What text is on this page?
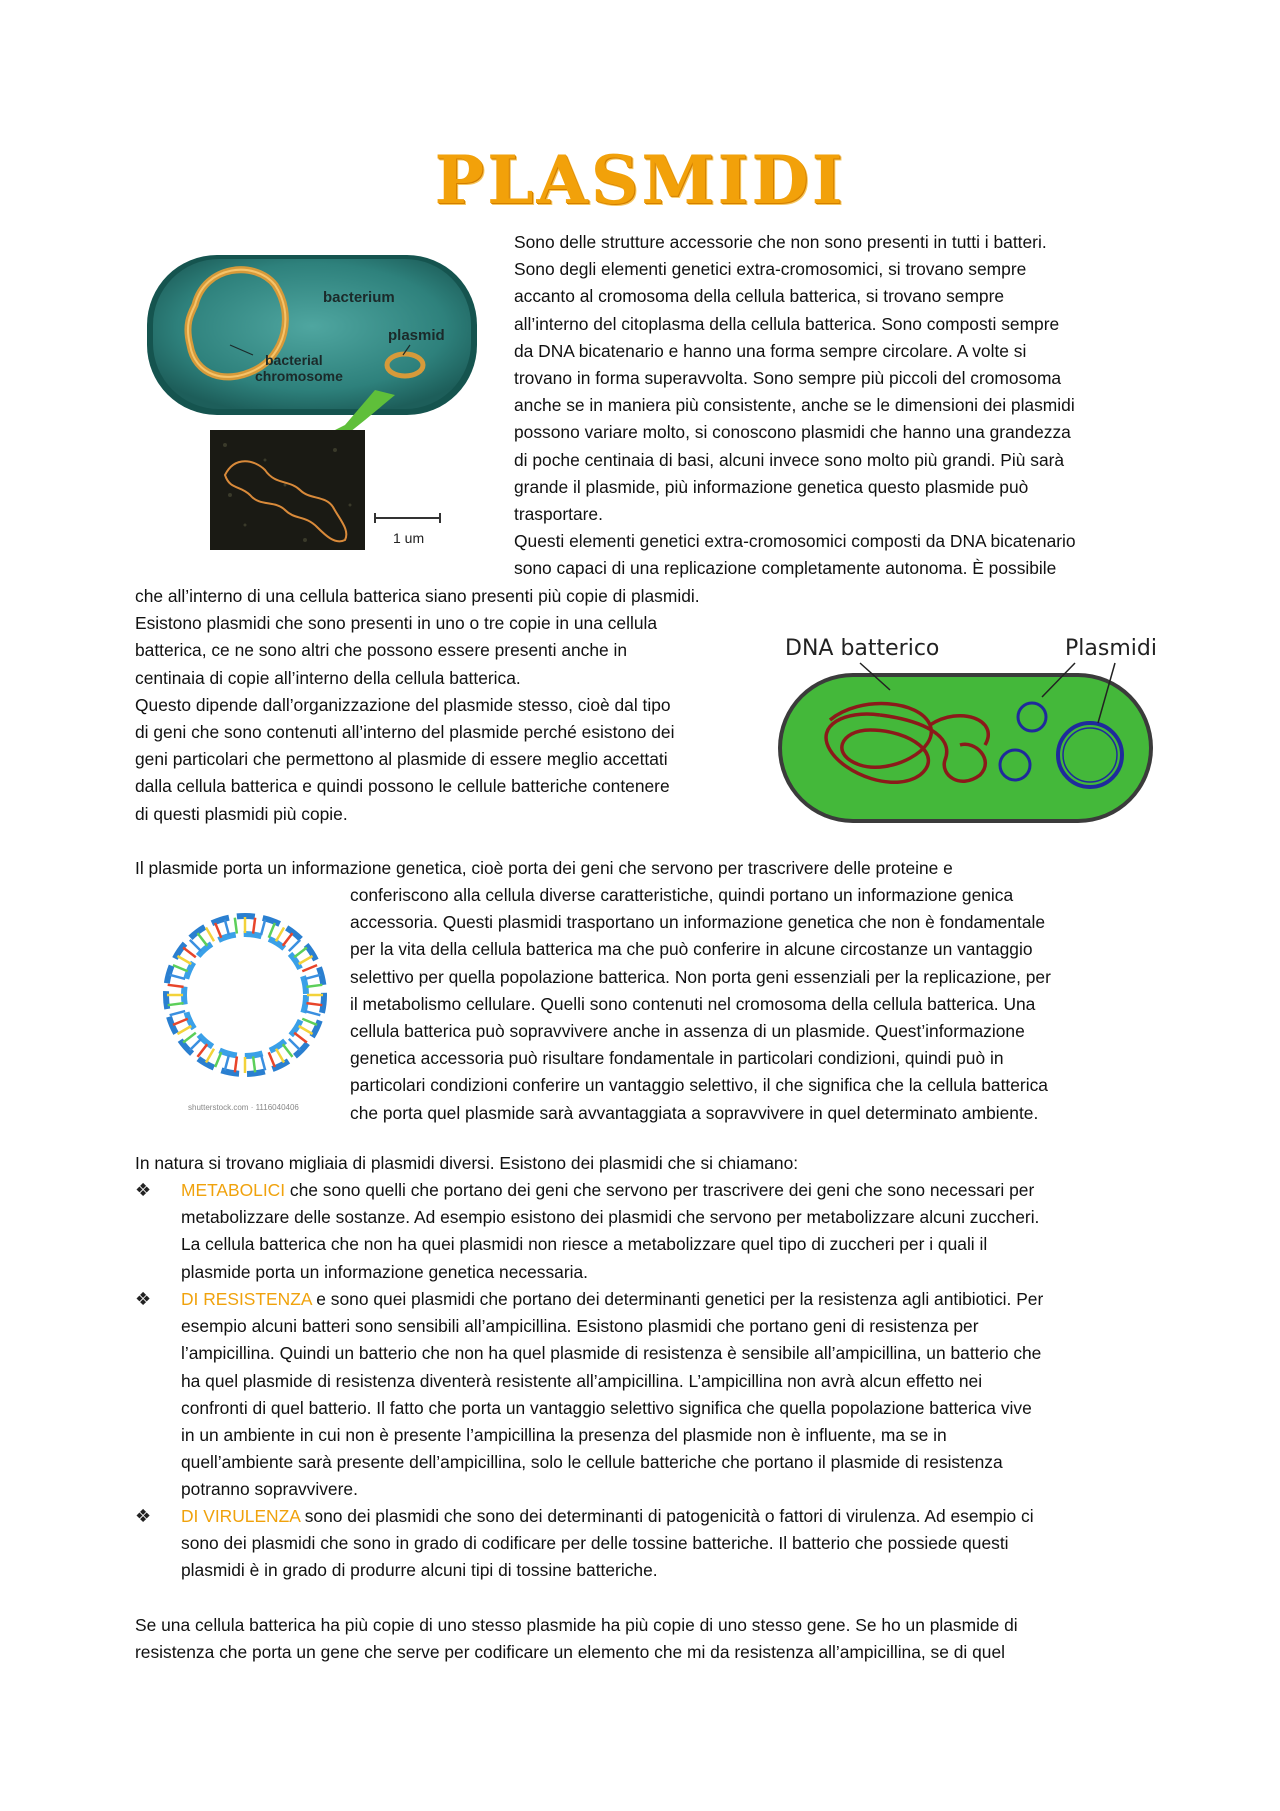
PLASMIDI
bacterium
plasmid
bacterial
chromosome
1 um
Sono delle strutture accessorie che non sono presenti in tutti i batteri.
Sono degli elementi genetici extra-cromosomici, si trovano sempre
accanto al cromosoma della cellula batterica, si trovano sempre
all’interno del citoplasma della cellula batterica. Sono composti sempre
da DNA bicatenario e hanno una forma sempre circolare. A volte si
trovano in forma superavvolta. Sono sempre più piccoli del cromosoma
anche se in maniera più consistente, anche se le dimensioni dei plasmidi
possono variare molto, si conoscono plasmidi che hanno una grandezza
di poche centinaia di basi, alcuni invece sono molto più grandi. Più sarà
grande il plasmide, più informazione genetica questo plasmide può
trasportare.
Questi elementi genetici extra-cromosomici composti da DNA bicatenario
sono capaci di una replicazione completamente autonoma. È possibile
che all’interno di una cellula batterica siano presenti più copie di plasmidi.
Esistono plasmidi che sono presenti in uno o tre copie in una cellula
batterica, ce ne sono altri che possono essere presenti anche in
centinaia di copie all’interno della cellula batterica.
Questo dipende dall’organizzazione del plasmide stesso, cioè dal tipo
di geni che sono contenuti all’interno del plasmide perché esistono dei
geni particolari che permettono al plasmide di essere meglio accettati
dalla cellula batterica e quindi possono le cellule batteriche contenere
di questi plasmidi più copie.
DNA batterico	Plasmidi
Il plasmide porta un informazione genetica, cioè porta dei geni che servono per trascrivere delle proteine e
shutterstock.com · 1116040406
conferiscono alla cellula diverse caratteristiche, quindi portano un informazione genica
accessoria. Questi plasmidi trasportano un informazione genetica che non è fondamentale
per la vita della cellula batterica ma che può conferire in alcune circostanze un vantaggio
selettivo per quella popolazione batterica. Non porta geni essenziali per la replicazione, per
il metabolismo cellulare. Quelli sono contenuti nel cromosoma della cellula batterica. Una
cellula batterica può sopravvivere anche in assenza di un plasmide. Quest’informazione
genetica accessoria può risultare fondamentale in particolari condizioni, quindi può in
particolari condizioni conferire un vantaggio selettivo, il che significa che la cellula batterica
che porta quel plasmide sarà avvantaggiata a sopravvivere in quel determinato ambiente.
In natura si trovano migliaia di plasmidi diversi. Esistono dei plasmidi che si chiamano:
❖	METABOLICI che sono quelli che portano dei geni che servono per trascrivere dei geni che sono necessari per
metabolizzare delle sostanze. Ad esempio esistono dei plasmidi che servono per metabolizzare alcuni zuccheri.
La cellula batterica che non ha quei plasmidi non riesce a metabolizzare quel tipo di zuccheri per i quali il
plasmide porta un informazione genetica necessaria.
❖	DI RESISTENZA e sono quei plasmidi che portano dei determinanti genetici per la resistenza agli antibiotici. Per
esempio alcuni batteri sono sensibili all’ampicillina. Esistono plasmidi che portano geni di resistenza per
l’ampicillina. Quindi un batterio che non ha quel plasmide di resistenza è sensibile all’ampicillina, un batterio che
ha quel plasmide di resistenza diventerà resistente all’ampicillina. L’ampicillina non avrà alcun effetto nei
confronti di quel batterio. Il fatto che porta un vantaggio selettivo significa che quella popolazione batterica vive
in un ambiente in cui non è presente l’ampicillina la presenza del plasmide non è influente, ma se in
quell’ambiente sarà presente dell’ampicillina, solo le cellule batteriche che portano il plasmide di resistenza
potranno sopravvivere.
❖	DI VIRULENZA sono dei plasmidi che sono dei determinanti di patogenicità o fattori di virulenza. Ad esempio ci
sono dei plasmidi che sono in grado di codificare per delle tossine batteriche. Il batterio che possiede questi
plasmidi è in grado di produrre alcuni tipi di tossine batteriche.
Se una cellula batterica ha più copie di uno stesso plasmide ha più copie di uno stesso gene. Se ho un plasmide di
resistenza che porta un gene che serve per codificare un elemento che mi da resistenza all’ampicillina, se di quel
